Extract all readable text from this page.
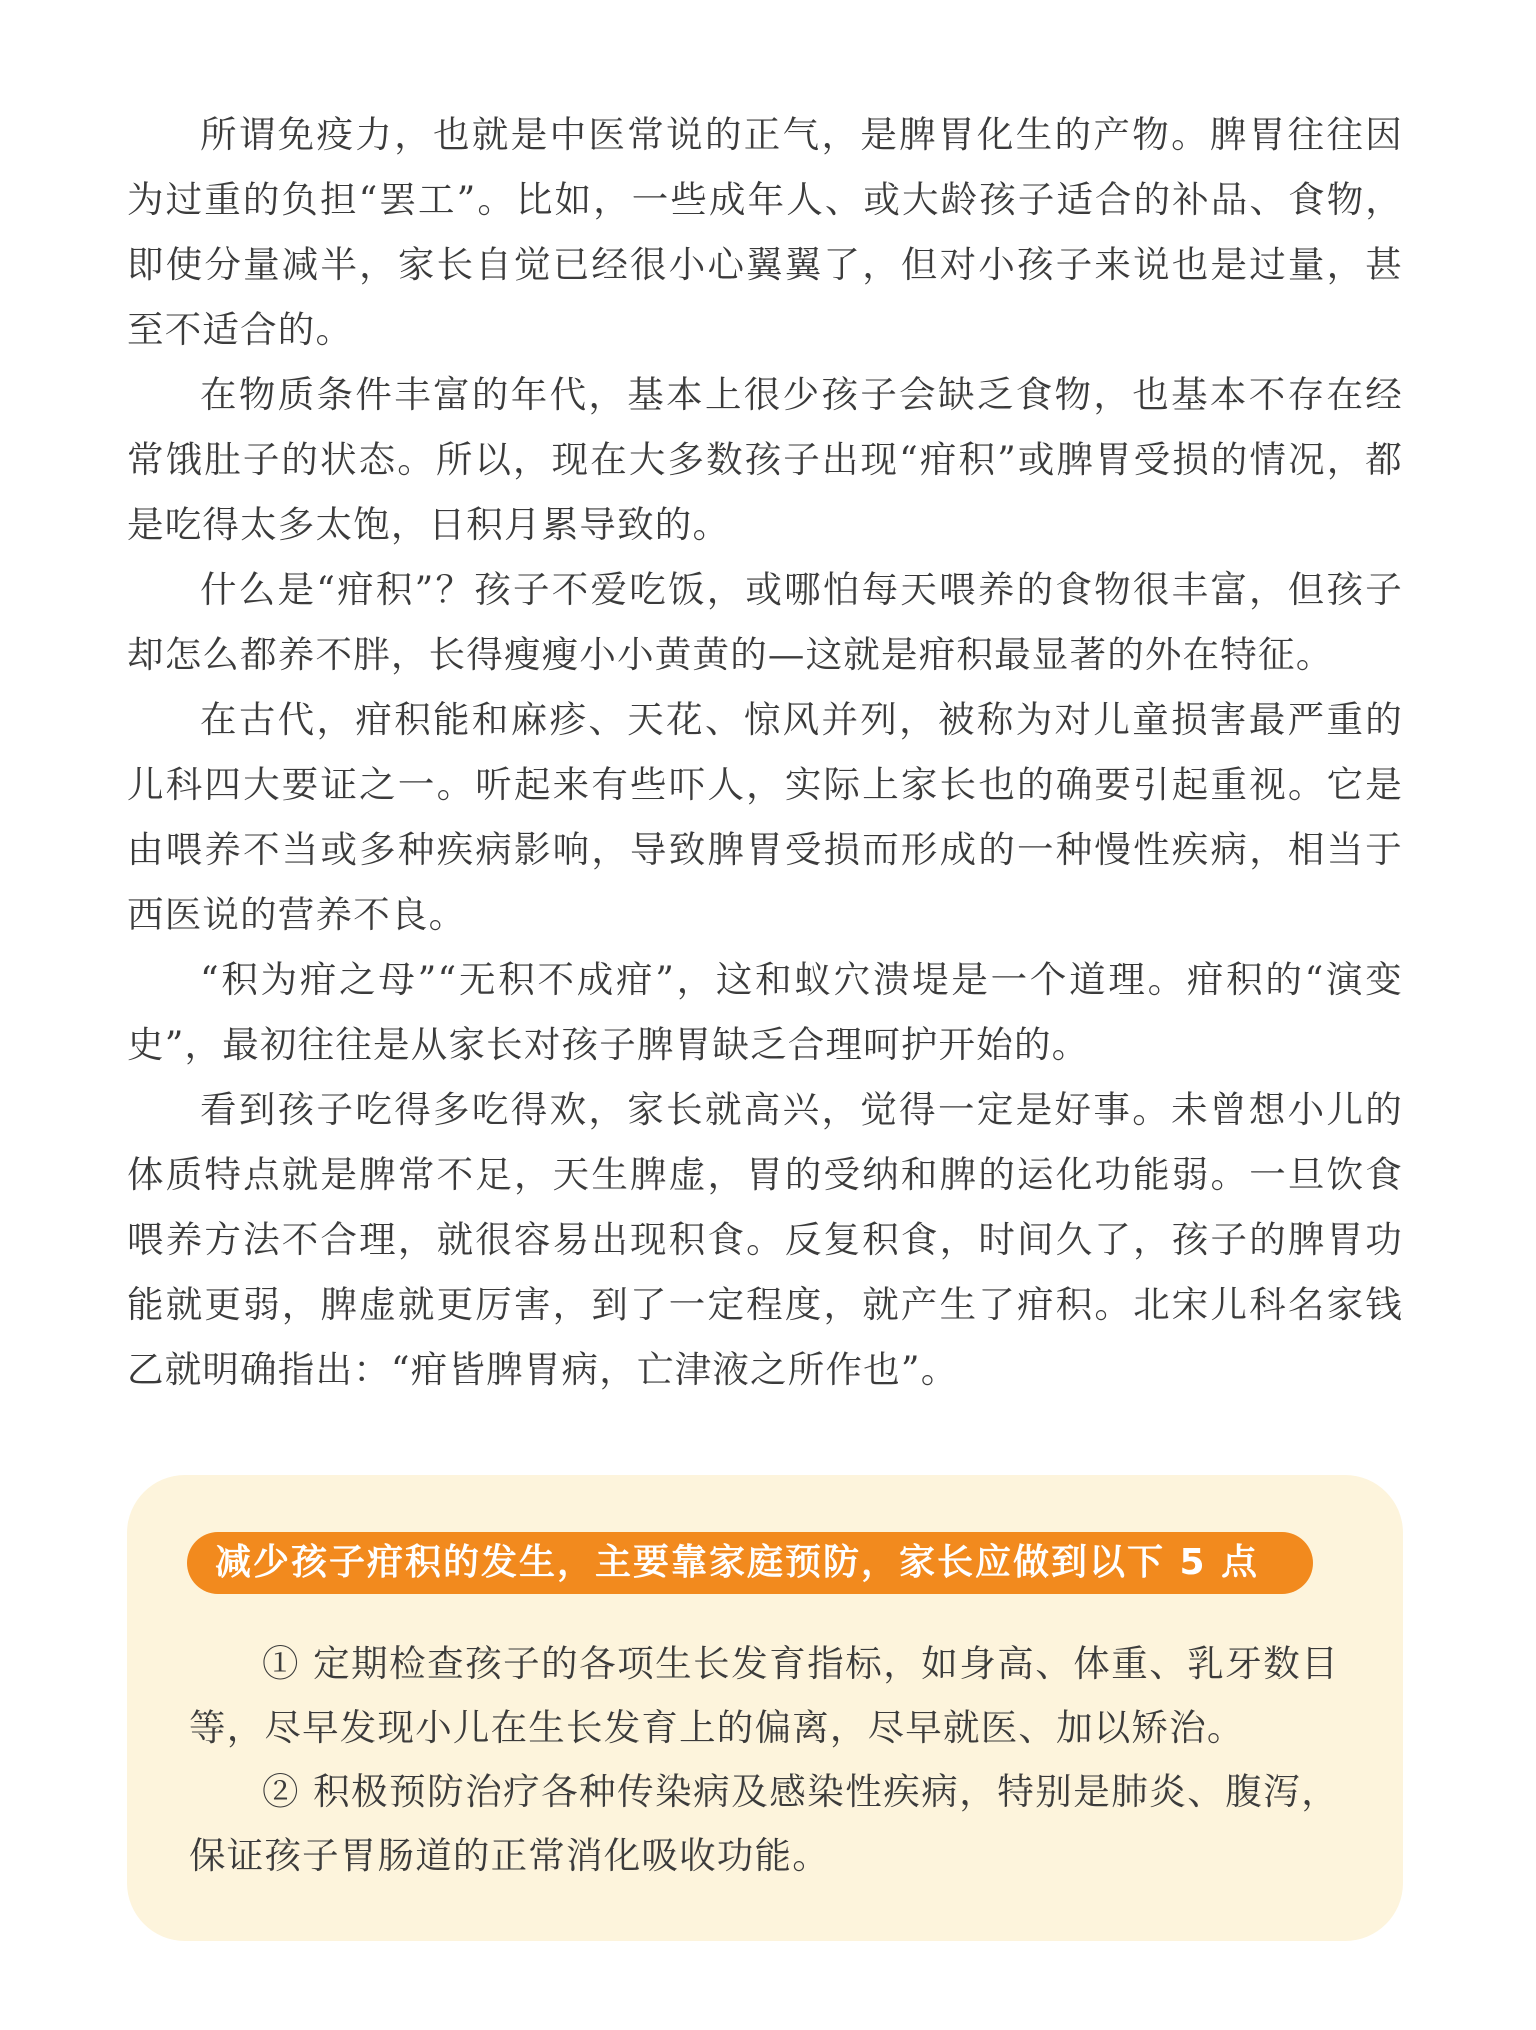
所谓免疫力，也就是中医常说的正气，是脾胃化生的产物。脾胃往往因为过重的负担“罢工”。比如，一些成年人、或大龄孩子适合的补品、食物，即使分量减半，家长自觉已经很小心翼翼了，但对小孩子来说也是过量，甚至不适合的。

在物质条件丰富的年代，基本上很少孩子会缺乏食物，也基本不存在经常饿肚子的状态。所以，现在大多数孩子出现“疳积”或脾胃受损的情况，都是吃得太多太饱，日积月累导致的。

什么是“疳积”？孩子不爱吃饭，或哪怕每天喂养的食物很丰富，但孩子却怎么都养不胖，长得瘦瘦小小黄黄的—这就是疳积最显著的外在特征。

在古代，疳积能和麻疹、天花、惊风并列，被称为对儿童损害最严重的儿科四大要证之一。听起来有些吓人，实际上家长也的确要引起重视。它是由喂养不当或多种疾病影响，导致脾胃受损而形成的一种慢性疾病，相当于西医说的营养不良。

“积为疳之母”“无积不成疳”，这和蚁穴溃堤是一个道理。疳积的“演变史”，最初往往是从家长对孩子脾胃缺乏合理呵护开始的。

看到孩子吃得多吃得欢，家长就高兴，觉得一定是好事。未曾想小儿的体质特点就是脾常不足，天生脾虚，胃的受纳和脾的运化功能弱。一旦饮食喂养方法不合理，就很容易出现积食。反复积食，时间久了，孩子的脾胃功能就更弱，脾虚就更厉害，到了一定程度，就产生了疳积。北宋儿科名家钱乙就明确指出：“疳皆脾胃病，亡津液之所作也”。

减少孩子疳积的发生，主要靠家庭预防，家长应做到以下 5 点

① 定期检查孩子的各项生长发育指标，如身高、体重、乳牙数目等，尽早发现小儿在生长发育上的偏离，尽早就医、加以矫治。

② 积极预防治疗各种传染病及感染性疾病，特别是肺炎、腹泻，保证孩子胃肠道的正常消化吸收功能。
